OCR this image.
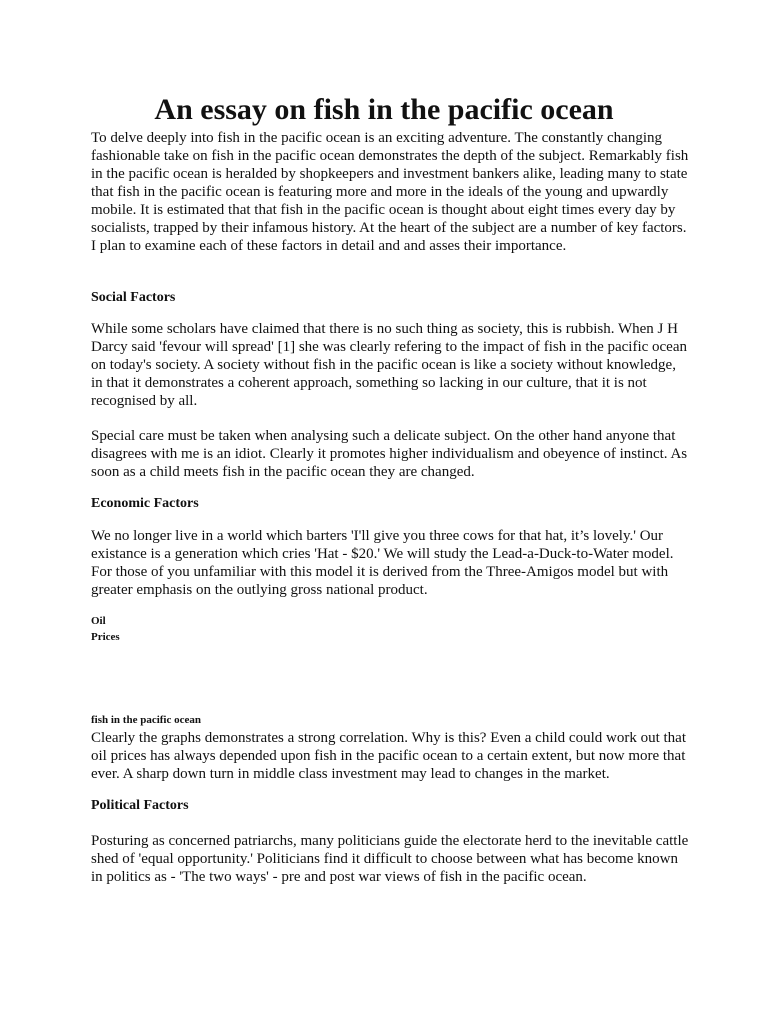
An essay on fish in the pacific ocean

To delve deeply into fish in the pacific ocean is an exciting adventure. The constantly changing fashionable take on fish in the pacific ocean demonstrates the depth of the subject. Remarkably fish in the pacific ocean is heralded by shopkeepers and investment bankers alike, leading many to state that fish in the pacific ocean is featuring more and more in the ideals of the young and upwardly mobile. It is estimated that that fish in the pacific ocean is thought about eight times every day by socialists, trapped by their infamous history. At the heart of the subject are a number of key factors. I plan to examine each of these factors in detail and and asses their importance.

Social Factors

While some scholars have claimed that there is no such thing as society, this is rubbish. When J H Darcy said 'fevour will spread' [1] she was clearly refering to the impact of fish in the pacific ocean on today's society. A society without fish in the pacific ocean is like a society without knowledge, in that it demonstrates a coherent approach, something so lacking in our culture, that it is not recognised by all.

Special care must be taken when analysing such a delicate subject. On the other hand anyone that disagrees with me is an idiot. Clearly it promotes higher individualism and obeyence of instinct. As soon as a child meets fish in the pacific ocean they are changed.

Economic Factors

We no longer live in a world which barters 'I'll give you three cows for that hat, it’s lovely.' Our existance is a generation which cries 'Hat - $20.' We will study the Lead-a-Duck-to-Water model. For those of you unfamiliar with this model it is derived from the Three-Amigos model but with greater emphasis on the outlying gross national product.

Oil
Prices
fish in the pacific ocean

Clearly the graphs demonstrates a strong correlation. Why is this? Even a child could work out that oil prices has always depended upon fish in the pacific ocean to a certain extent, but now more that ever. A sharp down turn in middle class investment may lead to changes in the market.

Political Factors

Posturing as concerned patriarchs, many politicians guide the electorate herd to the inevitable cattle shed of 'equal opportunity.' Politicians find it difficult to choose between what has become known in politics as - 'The two ways' - pre and post war views of fish in the pacific ocean.
